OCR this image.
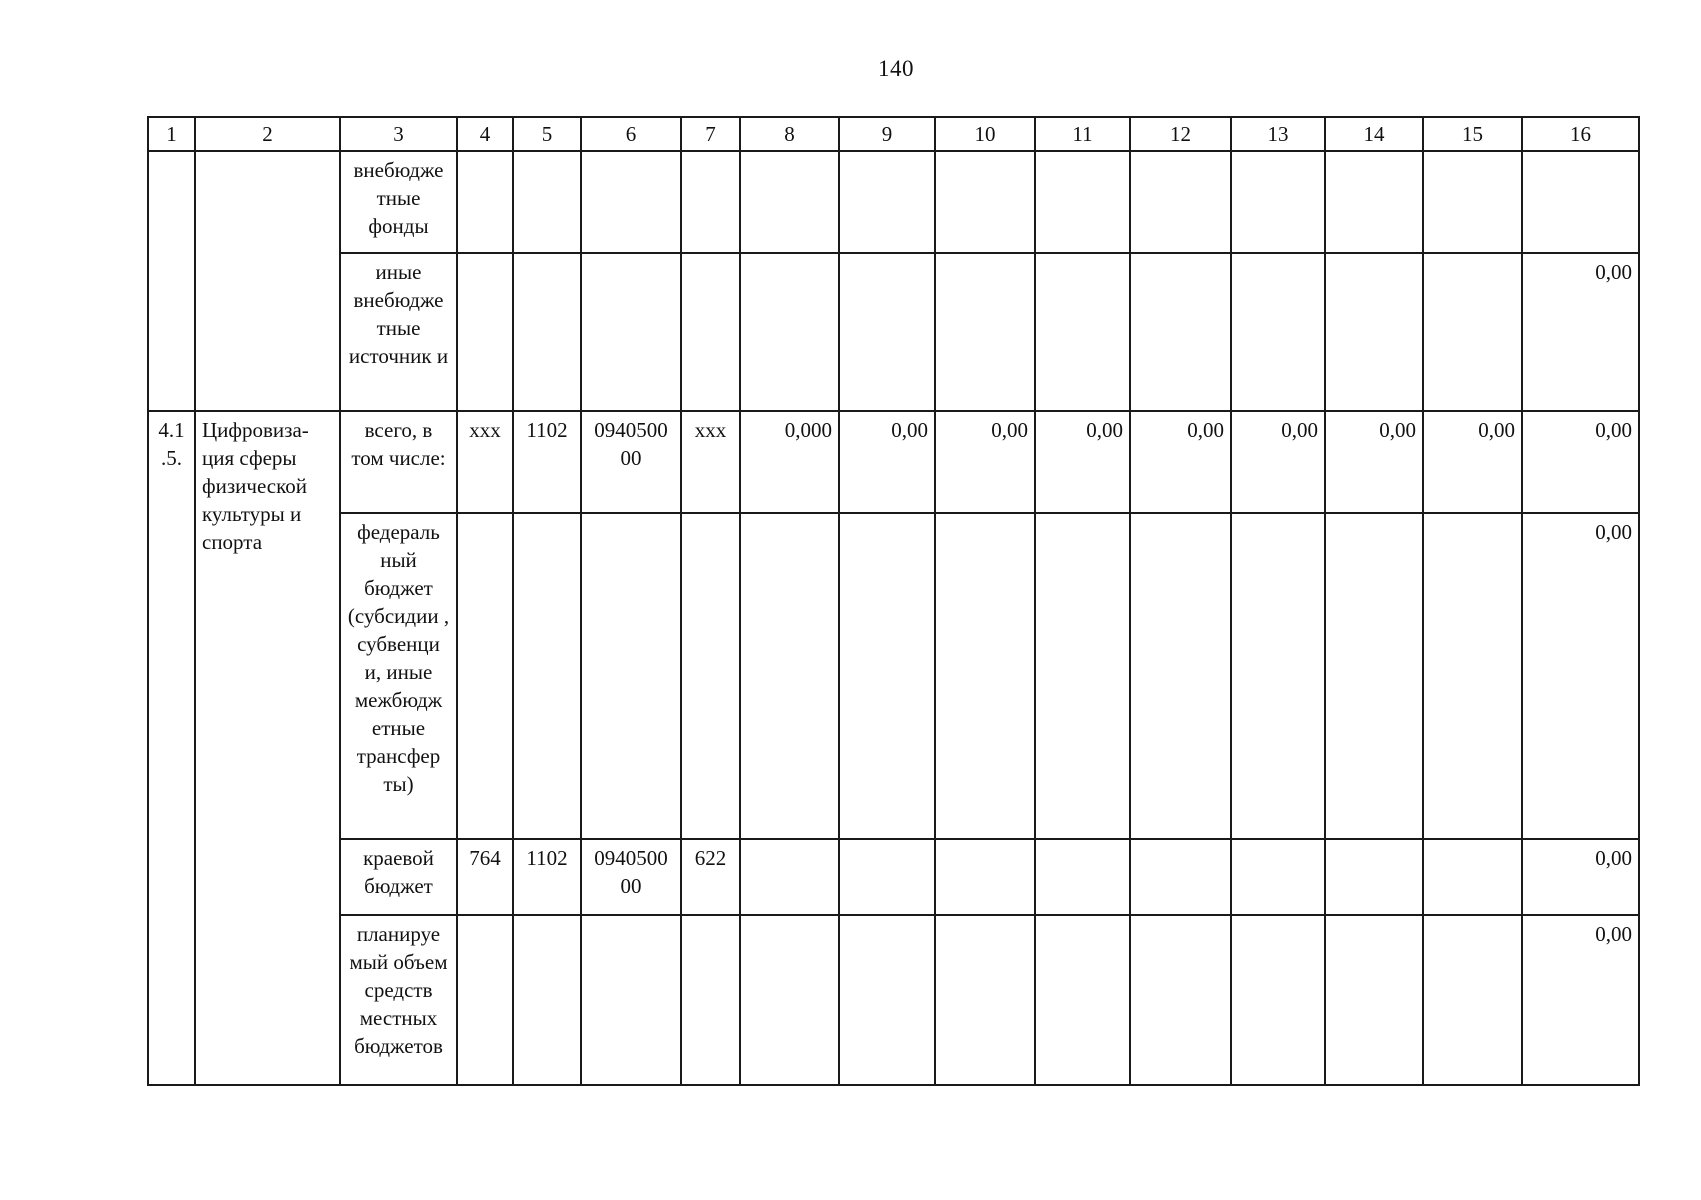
140
1	2	3	4	5	6	7	8	9	10	11	12	13	14	15	16
		внебюдже тные фонды													
		иные внебюдже тные источник и													0,00
4.1 .5.	Цифровиза-ция сферы физической культуры и спорта	всего, в том числе:	ххх	1102	0940500 00	ххх	0,000	0,00	0,00	0,00	0,00	0,00	0,00	0,00	0,00
		федераль ный бюджет (субсидии , субвенци и, иные межбюдж етные трансфер ты)													0,00
		краевой бюджет	764	1102	0940500 00	622									0,00
		планируе мый объем средств местных бюджетов													0,00
